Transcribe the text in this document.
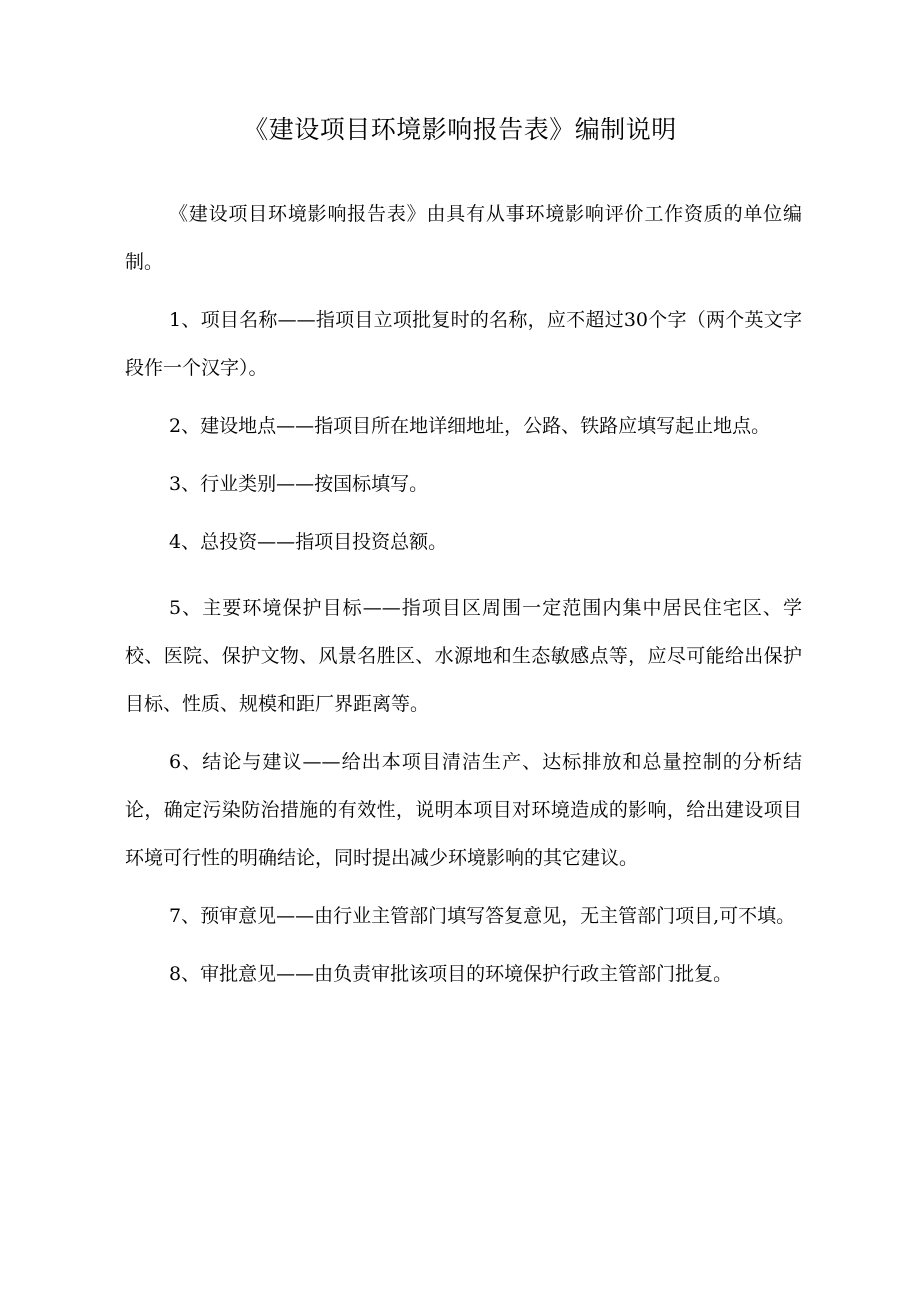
《建设项目环境影响报告表》编制说明

《建设项目环境影响报告表》由具有从事环境影响评价工作资质的单位编制。

1、项目名称——指项目立项批复时的名称，应不超过30个字（两个英文字段作一个汉字）。

2、建设地点——指项目所在地详细地址，公路、铁路应填写起止地点。

3、行业类别——按国标填写。

4、总投资——指项目投资总额。

5、主要环境保护目标——指项目区周围一定范围内集中居民住宅区、学校、医院、保护文物、风景名胜区、水源地和生态敏感点等，应尽可能给出保护目标、性质、规模和距厂界距离等。

6、结论与建议——给出本项目清洁生产、达标排放和总量控制的分析结论，确定污染防治措施的有效性，说明本项目对环境造成的影响，给出建设项目环境可行性的明确结论，同时提出减少环境影响的其它建议。

7、预审意见——由行业主管部门填写答复意见，无主管部门项目,可不填。

8、审批意见——由负责审批该项目的环境保护行政主管部门批复。
